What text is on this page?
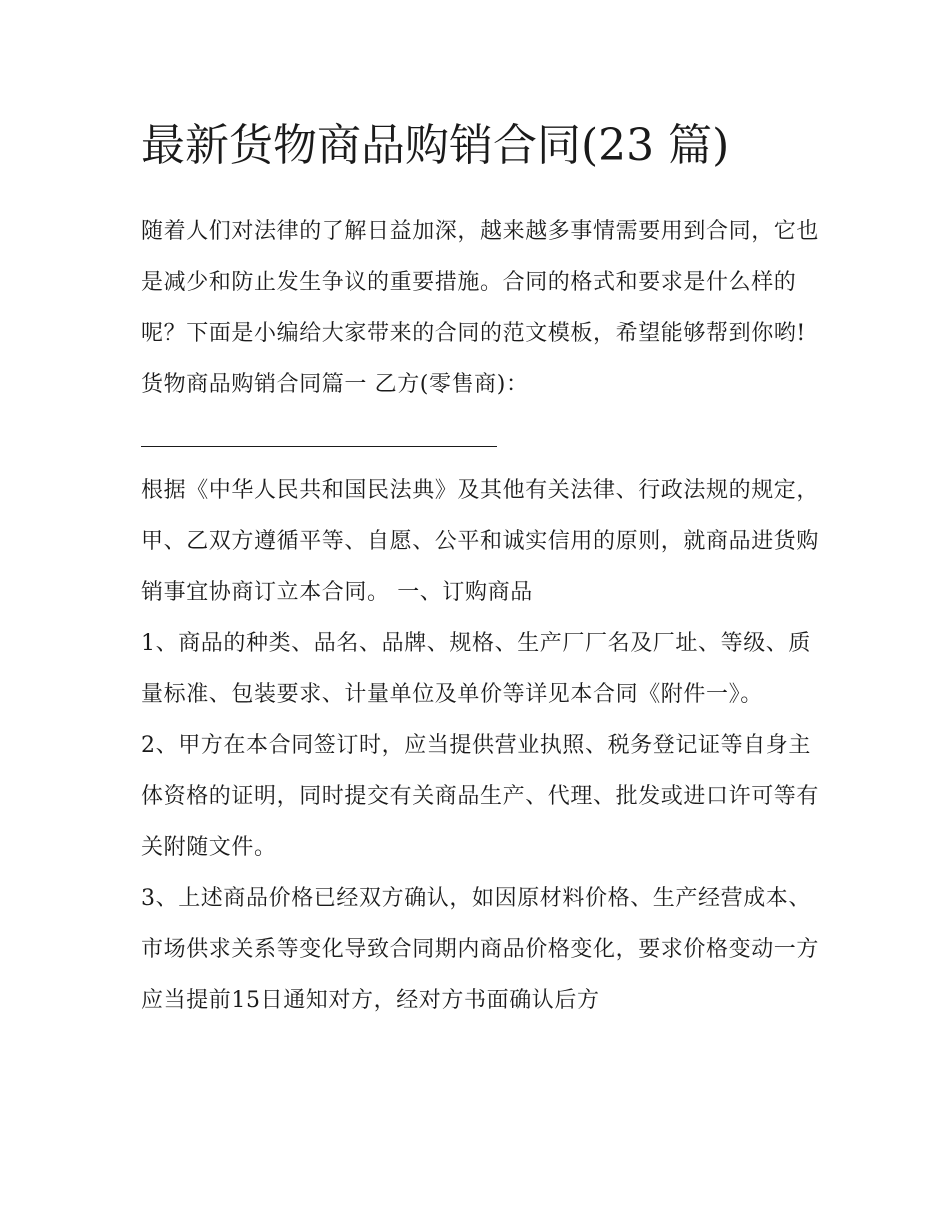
最新货物商品购销合同(23 篇)

随着人们对法律的了解日益加深，越来越多事情需要用到合同，它也是减少和防止发生争议的重要措施。合同的格式和要求是什么样的呢？下面是小编给大家带来的合同的范文模板，希望能够帮到你哟!

货物商品购销合同篇一 乙方(零售商)：

根据《中华人民共和国民法典》及其他有关法律、行政法规的规定，甲、乙双方遵循平等、自愿、公平和诚实信用的原则，就商品进货购销事宜协商订立本合同。 一、订购商品

1、商品的种类、品名、品牌、规格、生产厂厂名及厂址、等级、质量标准、包装要求、计量单位及单价等详见本合同《附件一》。

2、甲方在本合同签订时，应当提供营业执照、税务登记证等自身主体资格的证明，同时提交有关商品生产、代理、批发或进口许可等有关附随文件。

3、上述商品价格已经双方确认，如因原材料价格、生产经营成本、市场供求关系等变化导致合同期内商品价格变化，要求价格变动一方应当提前15日通知对方，经对方书面确认后方
